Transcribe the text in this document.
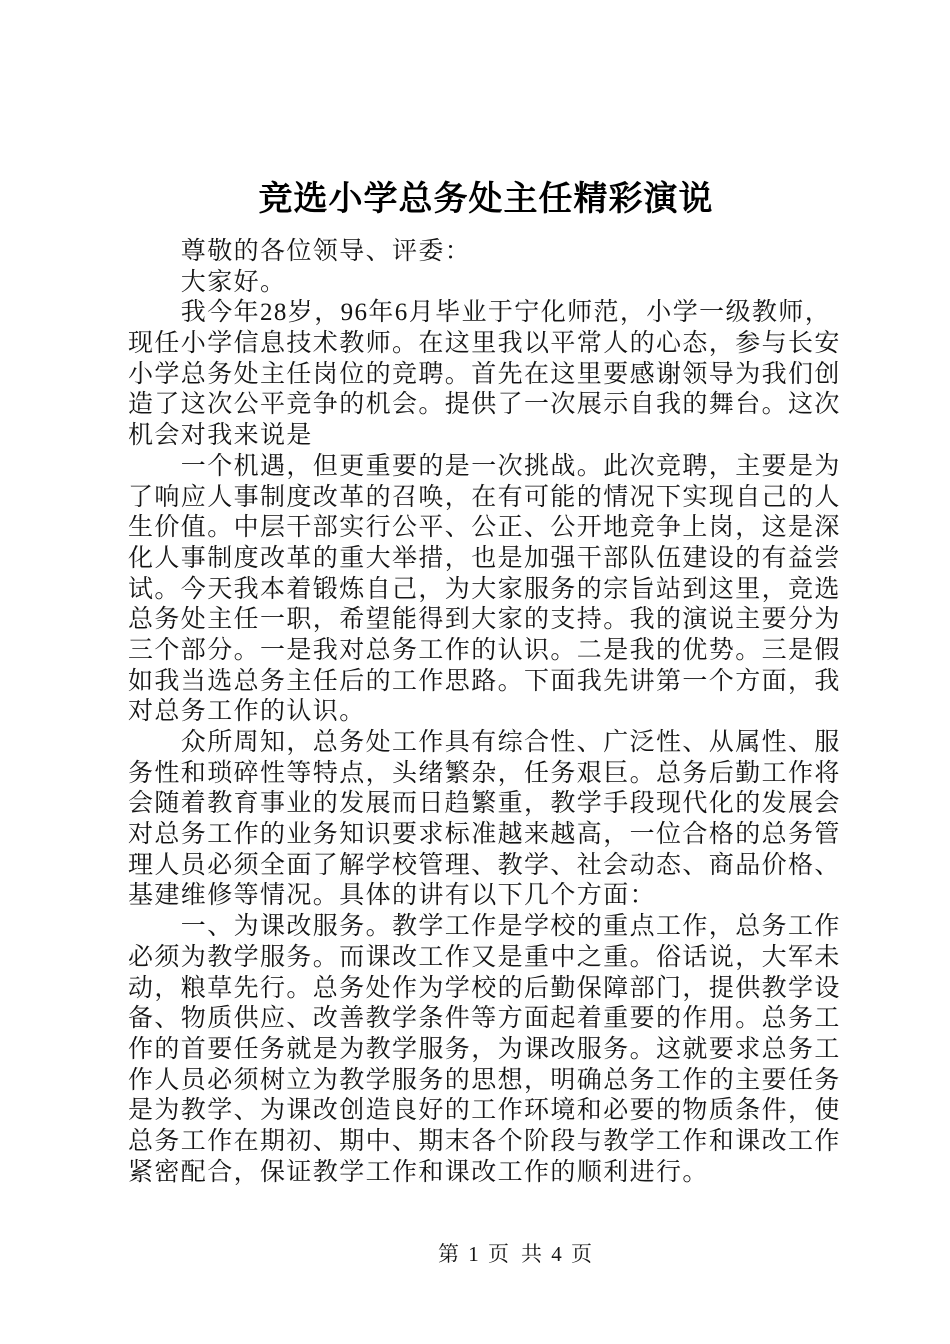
竞选小学总务处主任精彩演说
　　尊敬的各位领导、评委：
　　大家好。
　　我今年28岁，96年6月毕业于宁化师范，小学一级教师，
现任小学信息技术教师。在这里我以平常人的心态，参与长安
小学总务处主任岗位的竞聘。首先在这里要感谢领导为我们创
造了这次公平竞争的机会。提供了一次展示自我的舞台。这次
机会对我来说是
　　一个机遇，但更重要的是一次挑战。此次竞聘，主要是为
了响应人事制度改革的召唤，在有可能的情况下实现自己的人
生价值。中层干部实行公平、公正、公开地竞争上岗，这是深
化人事制度改革的重大举措，也是加强干部队伍建设的有益尝
试。今天我本着锻炼自己，为大家服务的宗旨站到这里，竞选
总务处主任一职，希望能得到大家的支持。我的演说主要分为
三个部分。一是我对总务工作的认识。二是我的优势。三是假
如我当选总务主任后的工作思路。下面我先讲第一个方面，我
对总务工作的认识。
　　众所周知，总务处工作具有综合性、广泛性、从属性、服
务性和琐碎性等特点，头绪繁杂，任务艰巨。总务后勤工作将
会随着教育事业的发展而日趋繁重，教学手段现代化的发展会
对总务工作的业务知识要求标准越来越高，一位合格的总务管
理人员必须全面了解学校管理、教学、社会动态、商品价格、
基建维修等情况。具体的讲有以下几个方面：
　　一、为课改服务。教学工作是学校的重点工作，总务工作
必须为教学服务。而课改工作又是重中之重。俗话说，大军未
动，粮草先行。总务处作为学校的后勤保障部门，提供教学设
备、物质供应、改善教学条件等方面起着重要的作用。总务工
作的首要任务就是为教学服务，为课改服务。这就要求总务工
作人员必须树立为教学服务的思想，明确总务工作的主要任务
是为教学、为课改创造良好的工作环境和必要的物质条件，使
总务工作在期初、期中、期末各个阶段与教学工作和课改工作
紧密配合，保证教学工作和课改工作的顺利进行。
第 1 页 共 4 页
